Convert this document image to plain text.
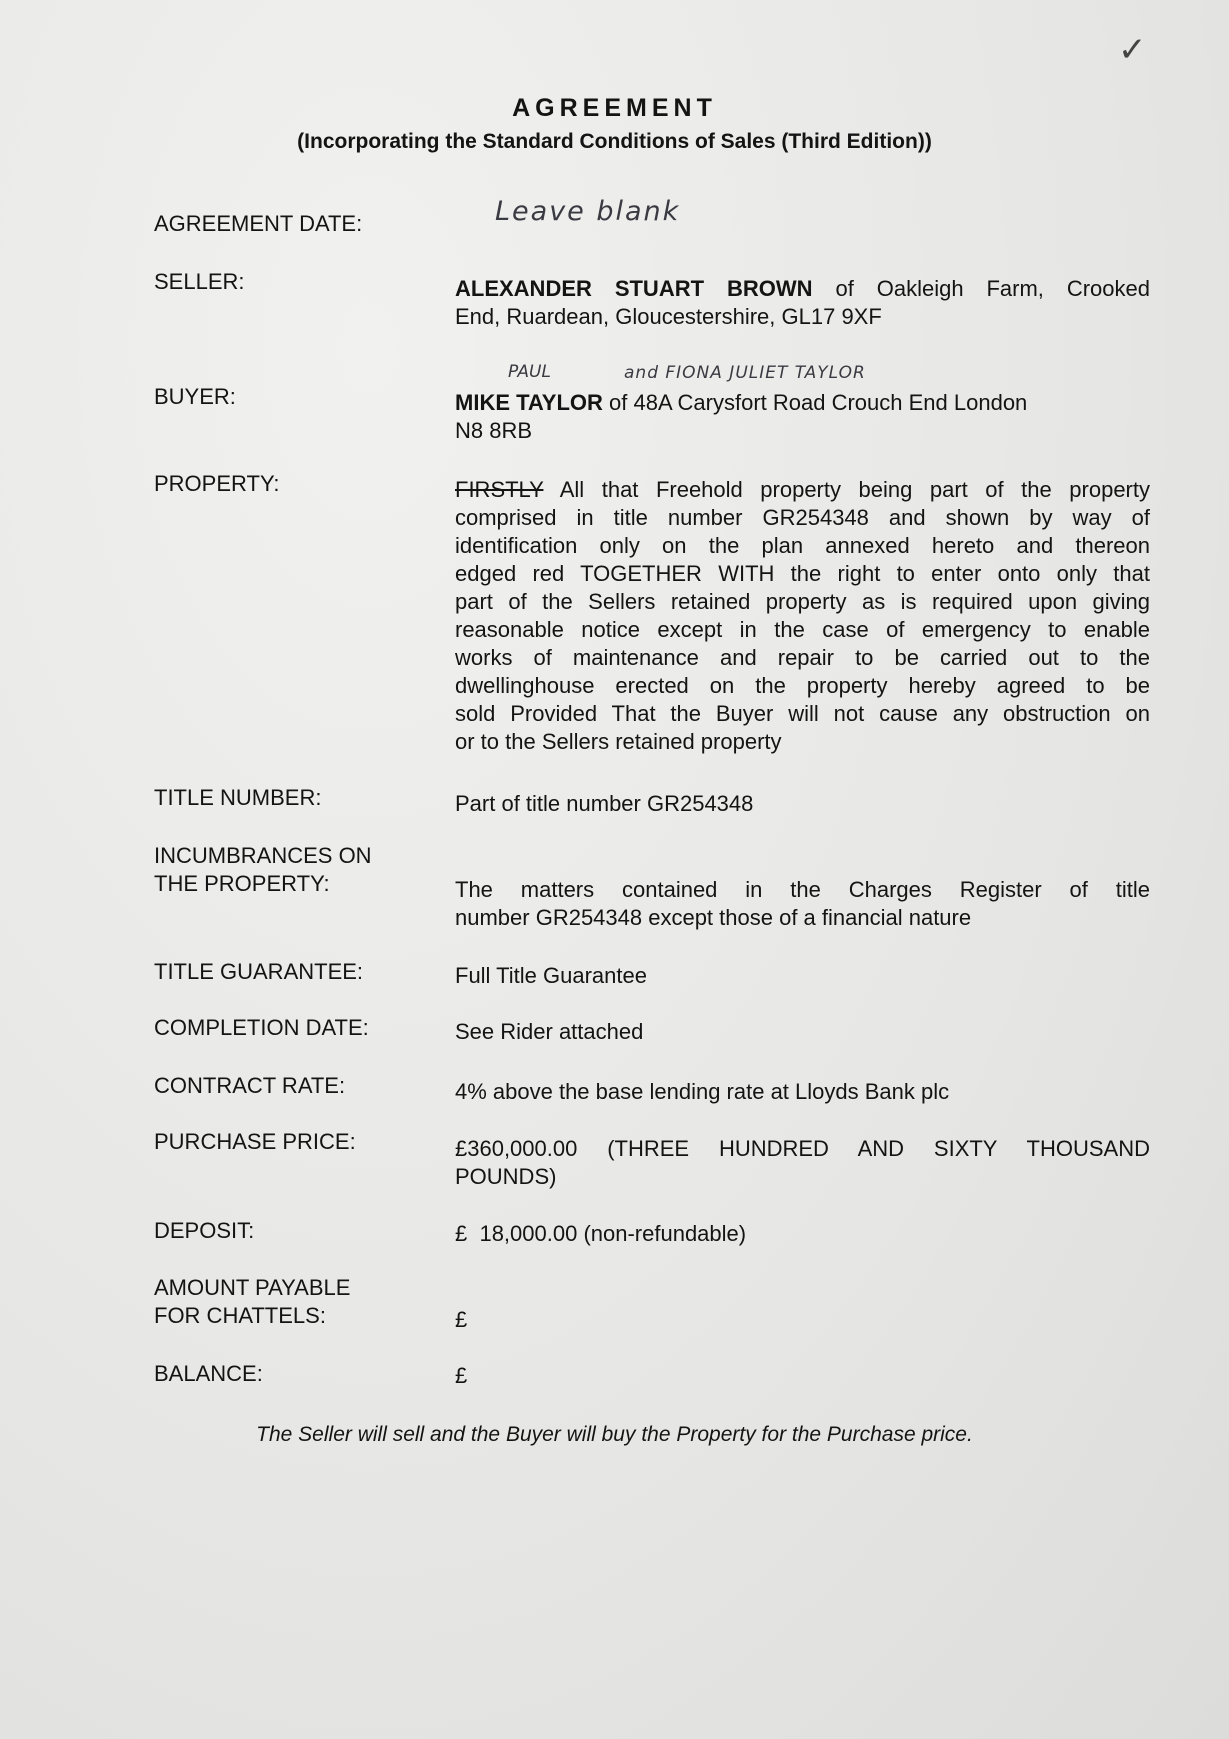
✓
AGREEMENT
(Incorporating the Standard Conditions of Sales (Third Edition))
AGREEMENT DATE:	Leave blank
SELLER:	ALEXANDER STUART BROWN of Oakleigh Farm, Crooked
End, Ruardean, Gloucestershire, GL17 9XF
PAUL	and FIONA JULIET TAYLOR
BUYER:	MIKE TAYLOR of 48A Carysfort Road Crouch End London
N8 8RB
PROPERTY:	FIRSTLY All that Freehold property being part of the property
comprised in title number GR254348 and shown by way of
identification only on the plan annexed hereto and thereon
edged red TOGETHER WITH the right to enter onto only that
part of the Sellers retained property as is required upon giving
reasonable notice except in the case of emergency to enable
works of maintenance and repair to be carried out to the
dwellinghouse erected on the property hereby agreed to be
sold Provided That the Buyer will not cause any obstruction on
or to the Sellers retained property
TITLE NUMBER:	Part of title number GR254348
INCUMBRANCES ON
THE PROPERTY:	The matters contained in the Charges Register of title
number GR254348 except those of a financial nature
TITLE GUARANTEE:	Full Title Guarantee
COMPLETION DATE:	See Rider attached
CONTRACT RATE:	4% above the base lending rate at Lloyds Bank plc
PURCHASE PRICE:	£360,000.00 (THREE HUNDRED AND SIXTY THOUSAND
POUNDS)
DEPOSIT:	£  18,000.00 (non-refundable)
AMOUNT PAYABLE
FOR CHATTELS:	£
BALANCE:	£
The Seller will sell and the Buyer will buy the Property for the Purchase price.
